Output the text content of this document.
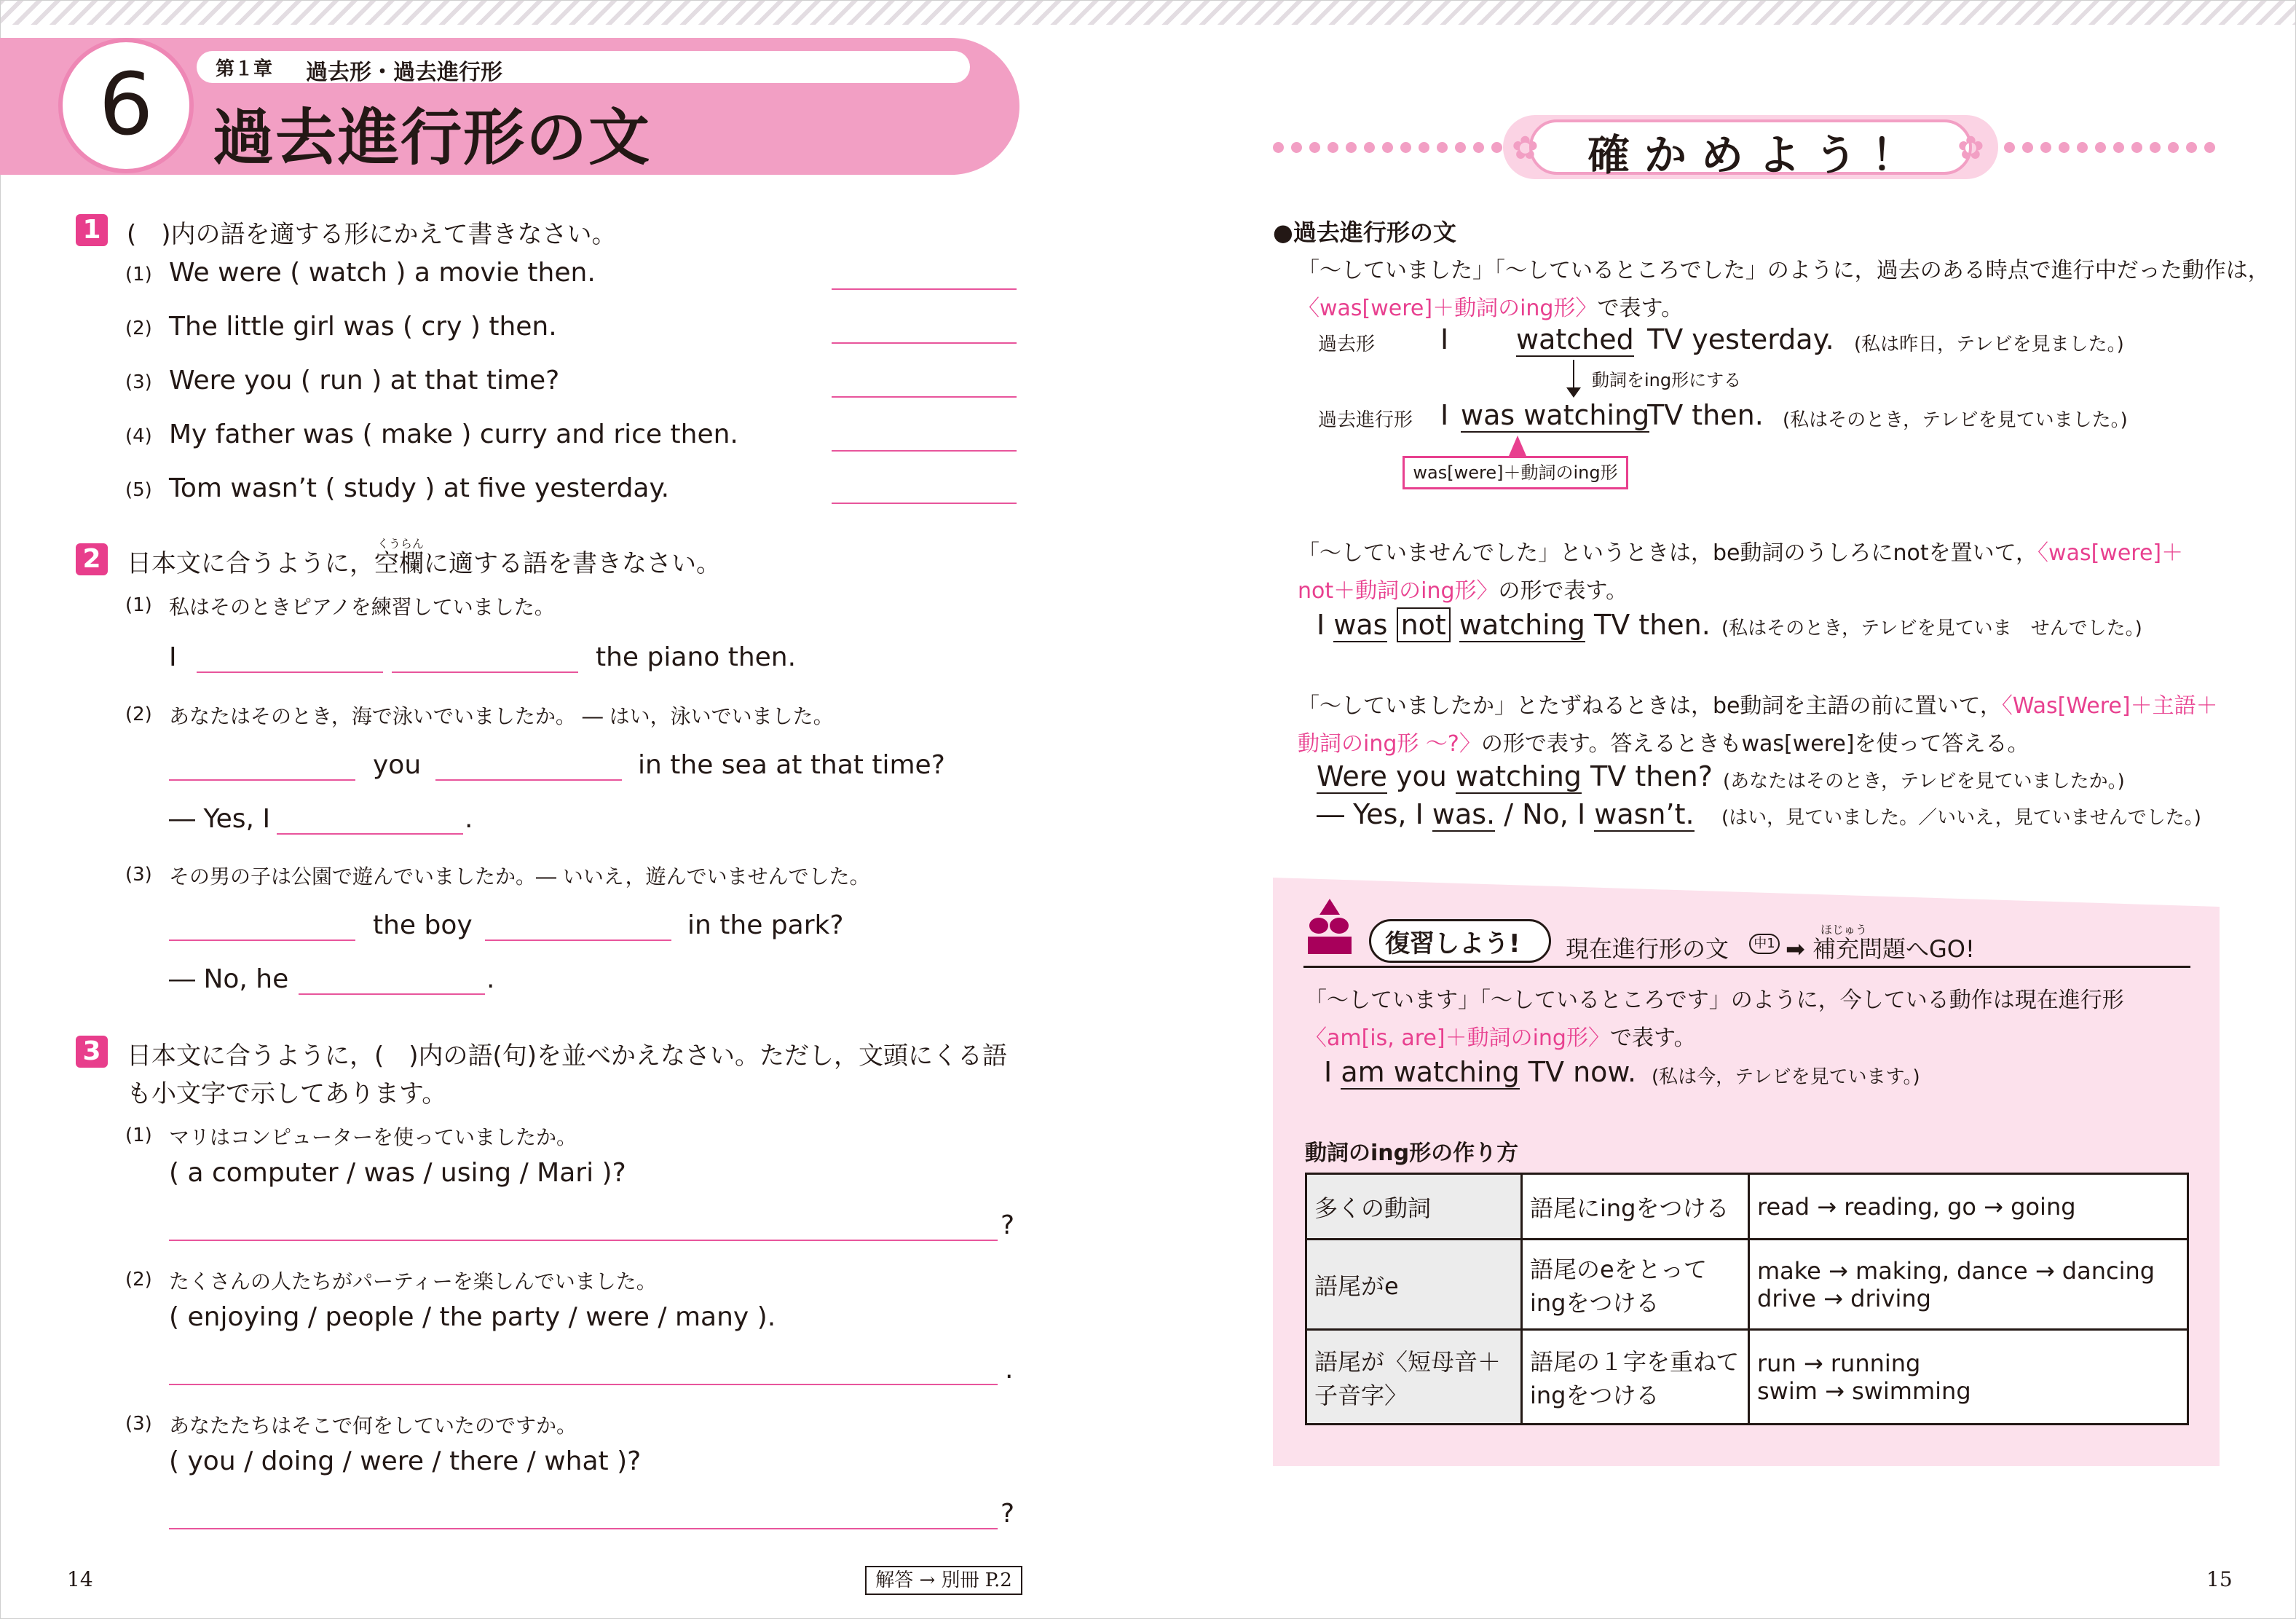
6	第１章 過去形・過去進行形
過去進行形の文
1 (　)内の語を適する形にかえて書きなさい。
(1) We were ( watch ) a movie then.
(2) The little girl was ( cry ) then.
(3) Were you ( run ) at that time?
(4) My father was ( make ) curry and rice then.
(5) Tom wasn’t ( study ) at five yesterday.
2
くうらん
日本文に合うように，空欄に適する語を書きなさい。
(1) 私はそのときピアノを練習していました。
I	the piano then.
(2) あなたはそのとき，海で泳いでいましたか。 ― はい，泳いでいました。
you	in the sea at that time?
― Yes, I	.
(3) その男の子は公園で遊んでいましたか。― いいえ，遊んでいませんでした。
the boy	in the park?
― No, he	.
3 日本文に合うように，(　)内の語(句)を並べかえなさい。ただし，文頭にくる語
も小文字で示してあります。
(1) マリはコンピューターを使っていましたか。
( a computer / was / using / Mari )?
?
(2) たくさんの人たちがパーティーを楽しんでいました。
( enjoying / people / the party / were / many ).
.
(3) あなたたちはそこで何をしていたのですか。
( you / doing / were / there / what )?
?
14	解答 → 別冊 P.2	15
✿	✿
確かめよう！
●過去進行形の文
「〜していました」「〜しているところでした」のように，過去のある時点で進行中だった動作は，
〈was[were]＋動詞のing形〉で表す。
過去形 I watched TV yesterday. (私は昨日，テレビを見ました。)
動詞をing形にする
過去進行形 I was watching
TV then. (私はそのとき，テレビを見ていました。)
was[were]＋動詞のing形
「〜していませんでした」というときは，be動詞のうしろにnotを置いて，〈was[were]＋
not＋動詞のing形〉の形で表す。
I was not watching TV then. (私はそのとき，テレビを見ていま　せんでした。)
「〜していましたか」とたずねるときは，be動詞を主語の前に置いて，〈Was[Were]＋主語＋
動詞のing形 〜?〉の形で表す。答えるときもwas[were]を使って答える。
Were you watching TV then? (あなたはそのとき，テレビを見ていましたか。)
― Yes, I was. / No, I wasn’t. (はい，見ていました。／いいえ，見ていませんでした。)
復習しよう! 現在進行形の文	中1
ほじゅう
➡ 補充問題へGO!
「〜しています」「〜しているところです」のように，今している動作は現在進行形
〈am[is, are]＋動詞のing形〉で表す。
I am watching TV now. (私は今，テレビを見ています。)
動詞のing形の作り方
多くの動詞	語尾にingをつける	read → reading, go → going

語尾がe	語尾のeをとって ingをつける	make → making, dance → dancing
drive → driving

語尾が〈短母音＋子音字〉	語尾の１字を重ねて ingをつける	run → running
swim → swimming
